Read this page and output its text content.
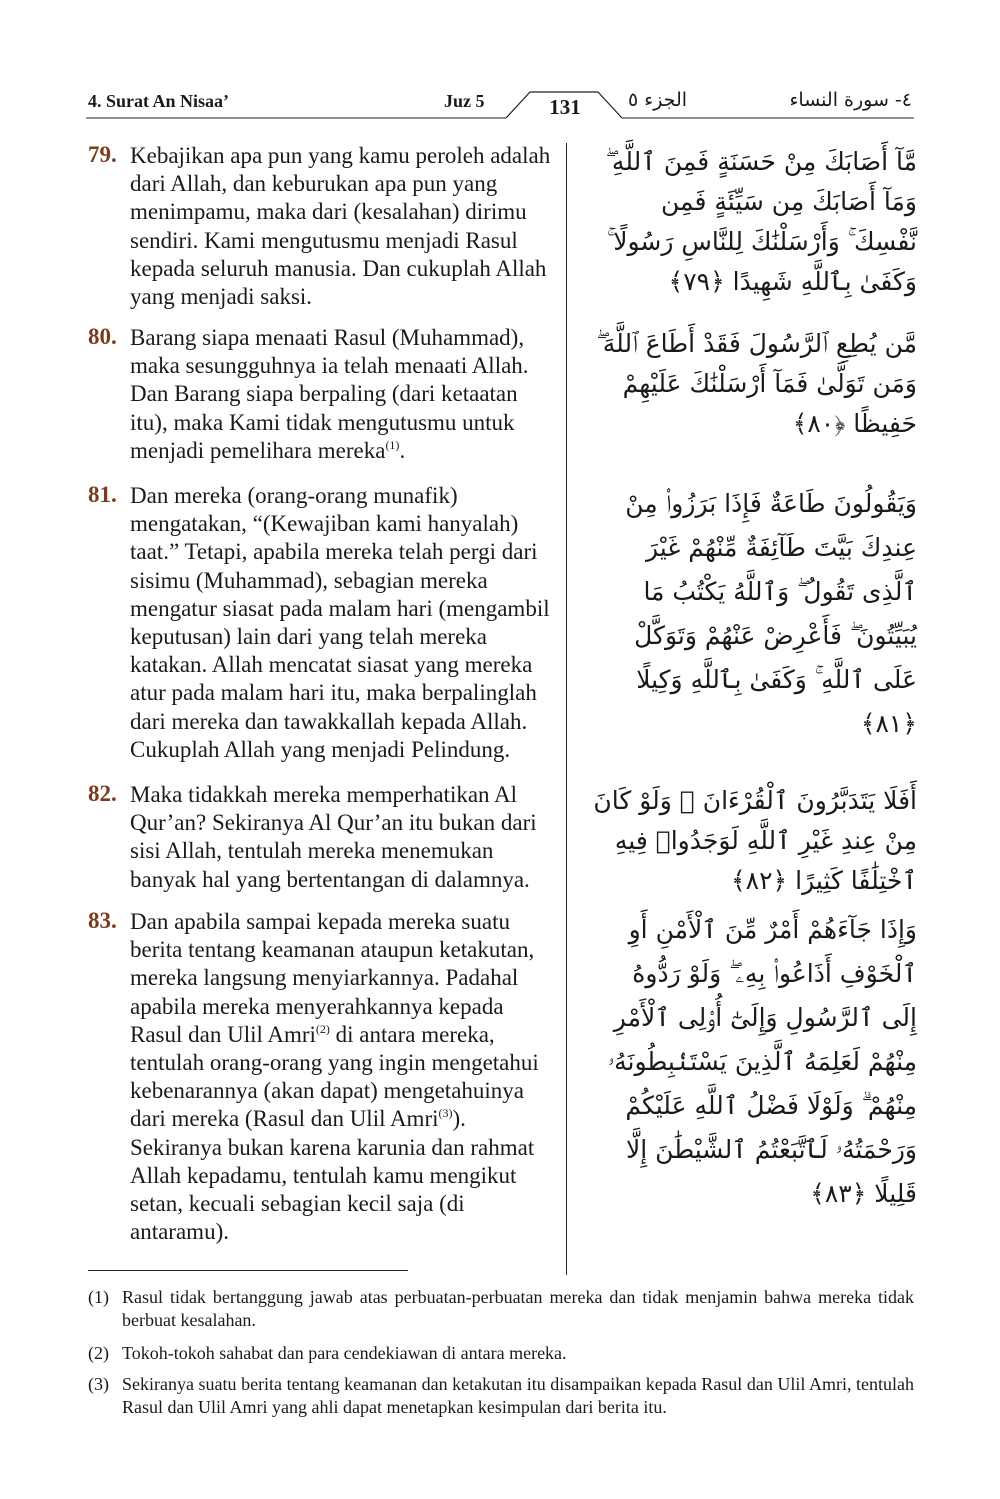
4. Surat An Nisaa’	Juz 5	131	الجزء ٥	٤- سورة النساء
79. Kebajikan apa pun yang kamu peroleh adalah dari Allah, dan keburukan apa pun yang menimpamu, maka dari (kesalahan) dirimu sendiri. Kami mengutusmu menjadi Rasul kepada seluruh manusia. Dan cukuplah Allah yang menjadi saksi.
مَّآ أَصَابَكَ مِنْ حَسَنَةٍ فَمِنَ ٱللَّهِ ۖ وَمَآ أَصَابَكَ مِن سَيِّئَةٍ فَمِن نَّفْسِكَ ۚ وَأَرْسَلْنَٰكَ لِلنَّاسِ رَسُولًا ۚ وَكَفَىٰ بِٱللَّهِ شَهِيدًا ﴿٧٩﴾
80. Barang siapa menaati Rasul (Muhammad), maka sesungguhnya ia telah menaati Allah. Dan Barang siapa berpaling (dari ketaatan itu), maka Kami tidak mengutusmu untuk menjadi pemelihara mereka$^{(1)}$.
مَّن يُطِعِ ٱلرَّسُولَ فَقَدْ أَطَاعَ ٱللَّهَ ۖ وَمَن تَوَلَّىٰ فَمَآ أَرْسَلْنَٰكَ عَلَيْهِمْ حَفِيظًا ﴿٨٠﴾
81. Dan mereka (orang-orang munafik) mengatakan, “(Kewajiban kami hanyalah) taat.” Tetapi, apabila mereka telah pergi dari sisimu (Muhammad), sebagian mereka mengatur siasat pada malam hari (mengambil keputusan) lain dari yang telah mereka katakan. Allah mencatat siasat yang mereka atur pada malam hari itu, maka berpalinglah dari mereka dan tawakkallah kepada Allah. Cukuplah Allah yang menjadi Pelindung.
وَيَقُولُونَ طَاعَةٌ فَإِذَا بَرَزُوا۟ مِنْ عِندِكَ بَيَّتَ طَآئِفَةٌ مِّنْهُمْ غَيْرَ ٱلَّذِى تَقُولُ ۖ وَٱللَّهُ يَكْتُبُ مَا يُبَيِّتُونَ ۖ فَأَعْرِضْ عَنْهُمْ وَتَوَكَّلْ عَلَى ٱللَّهِ ۚ وَكَفَىٰ بِٱللَّهِ وَكِيلًا ﴿٨١﴾
82. Maka tidakkah mereka memperhatikan Al Qur’an? Sekiranya Al Qur’an itu bukan dari sisi Allah, tentulah mereka menemukan banyak hal yang bertentangan di dalamnya.
أَفَلَا يَتَدَبَّرُونَ ٱلْقُرْءَانَ ۚ وَلَوْ كَانَ مِنْ عِندِ غَيْرِ ٱللَّهِ لَوَجَدُوا۟ فِيهِ ٱخْتِلَٰفًا كَثِيرًا ﴿٨٢﴾
83. Dan apabila sampai kepada mereka suatu berita tentang keamanan ataupun ketakutan, mereka langsung menyiarkannya. Padahal apabila mereka menyerahkannya kepada Rasul dan Ulil Amri$^{(2)}$ di antara mereka, tentulah orang-orang yang ingin mengetahui kebenarannya (akan dapat) mengetahuinya dari mereka (Rasul dan Ulil Amri$^{(3)}$). Sekiranya bukan karena karunia dan rahmat Allah kepadamu, tentulah kamu mengikut setan, kecuali sebagian kecil saja (di antaramu).
وَإِذَا جَآءَهُمْ أَمْرٌ مِّنَ ٱلْأَمْنِ أَوِ ٱلْخَوْفِ أَذَاعُوا۟ بِهِۦ ۖ وَلَوْ رَدُّوهُ إِلَى ٱلرَّسُولِ وَإِلَىٰٓ أُو۟لِى ٱلْأَمْرِ مِنْهُمْ لَعَلِمَهُ ٱلَّذِينَ يَسْتَنۢبِطُونَهُۥ مِنْهُمْ ۗ وَلَوْلَا فَضْلُ ٱللَّهِ عَلَيْكُمْ وَرَحْمَتُهُۥ لَٱتَّبَعْتُمُ ٱلشَّيْطَٰنَ إِلَّا قَلِيلًا ﴿٨٣﴾
(1) Rasul tidak bertanggung jawab atas perbuatan-perbuatan mereka dan tidak menjamin bahwa mereka tidak berbuat kesalahan.
(2) Tokoh-tokoh sahabat dan para cendekiawan di antara mereka.
(3) Sekiranya suatu berita tentang keamanan dan ketakutan itu disampaikan kepada Rasul dan Ulil Amri, tentulah Rasul dan Ulil Amri yang ahli dapat menetapkan kesimpulan dari berita itu.
